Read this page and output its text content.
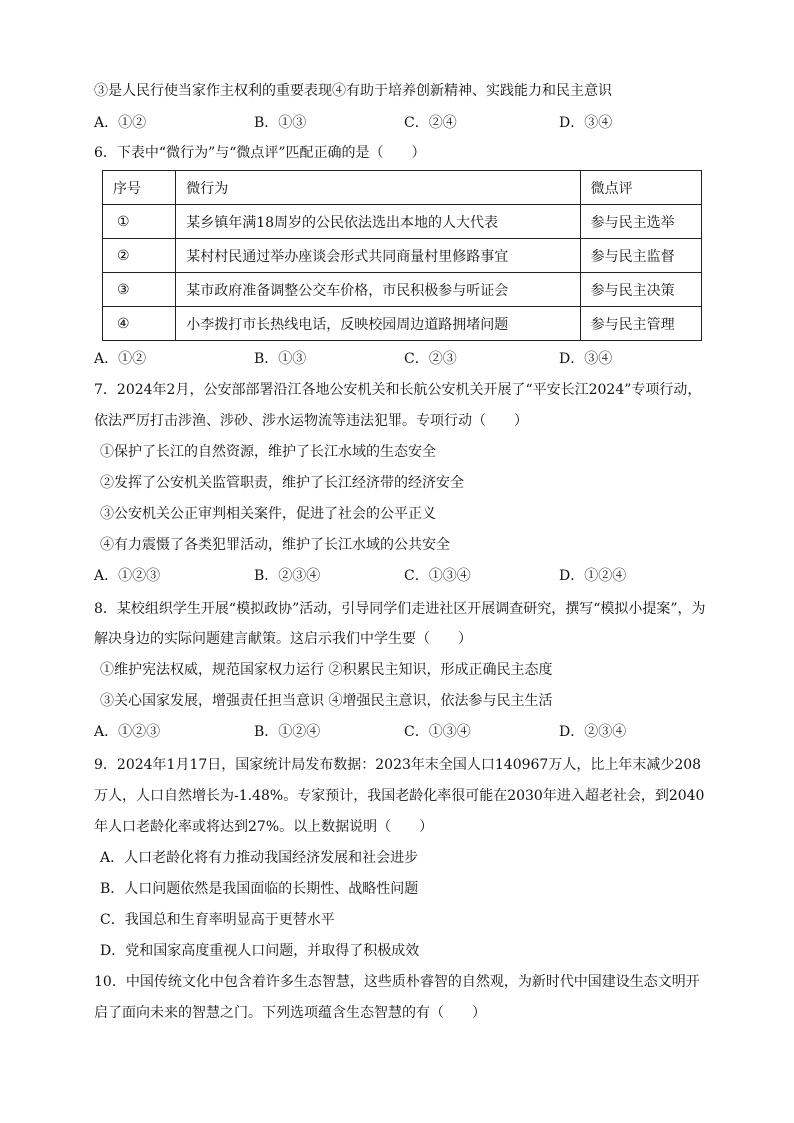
③是人民行使当家作主权利的重要表现④有助于培养创新精神、实践能力和民主意识
A．①②	B．①③	C．②④	D．③④
6．下表中“微行为”与“微点评”匹配正确的是（　　）
序号	微行为	微点评
①	某乡镇年满18周岁的公民依法选出本地的人大代表	参与民主选举
②	某村村民通过举办座谈会形式共同商量村里修路事宜	参与民主监督
③	某市政府准备调整公交车价格，市民积极参与听证会	参与民主决策
④	小李拨打市长热线电话，反映校园周边道路拥堵问题	参与民主管理
A．①②	B．①③	C．②③	D．③④
7．2024年2月，公安部部署沿江各地公安机关和长航公安机关开展了“平安长江2024”专项行动，
依法严厉打击涉渔、涉砂、涉水运物流等违法犯罪。专项行动（　　）
①保护了长江的自然资源，维护了长江水域的生态安全
②发挥了公安机关监管职责，维护了长江经济带的经济安全
③公安机关公正审判相关案件，促进了社会的公平正义
④有力震慑了各类犯罪活动，维护了长江水域的公共安全
A．①②③	B．②③④	C．①③④	D．①②④
8．某校组织学生开展“模拟政协”活动，引导同学们走进社区开展调查研究，撰写“模拟小提案”，为
解决身边的实际问题建言献策。这启示我们中学生要（　　）
①维护宪法权威，规范国家权力运行 ②积累民主知识，形成正确民主态度
③关心国家发展，增强责任担当意识 ④增强民主意识，依法参与民主生活
A．①②③	B．①②④	C．①③④	D．②③④
9．2024年1月17日，国家统计局发布数据：2023年末全国人口140967万人，比上年末减少208
万人，人口自然增长为-1.48%。专家预计，我国老龄化率很可能在2030年进入超老社会，到2040
年人口老龄化率或将达到27%。以上数据说明（　　）
A．人口老龄化将有力推动我国经济发展和社会进步
B．人口问题依然是我国面临的长期性、战略性问题
C．我国总和生育率明显高于更替水平
D．党和国家高度重视人口问题，并取得了积极成效
10．中国传统文化中包含着许多生态智慧，这些质朴睿智的自然观，为新时代中国建设生态文明开
启了面向未来的智慧之门。下列选项蕴含生态智慧的有（　　）
